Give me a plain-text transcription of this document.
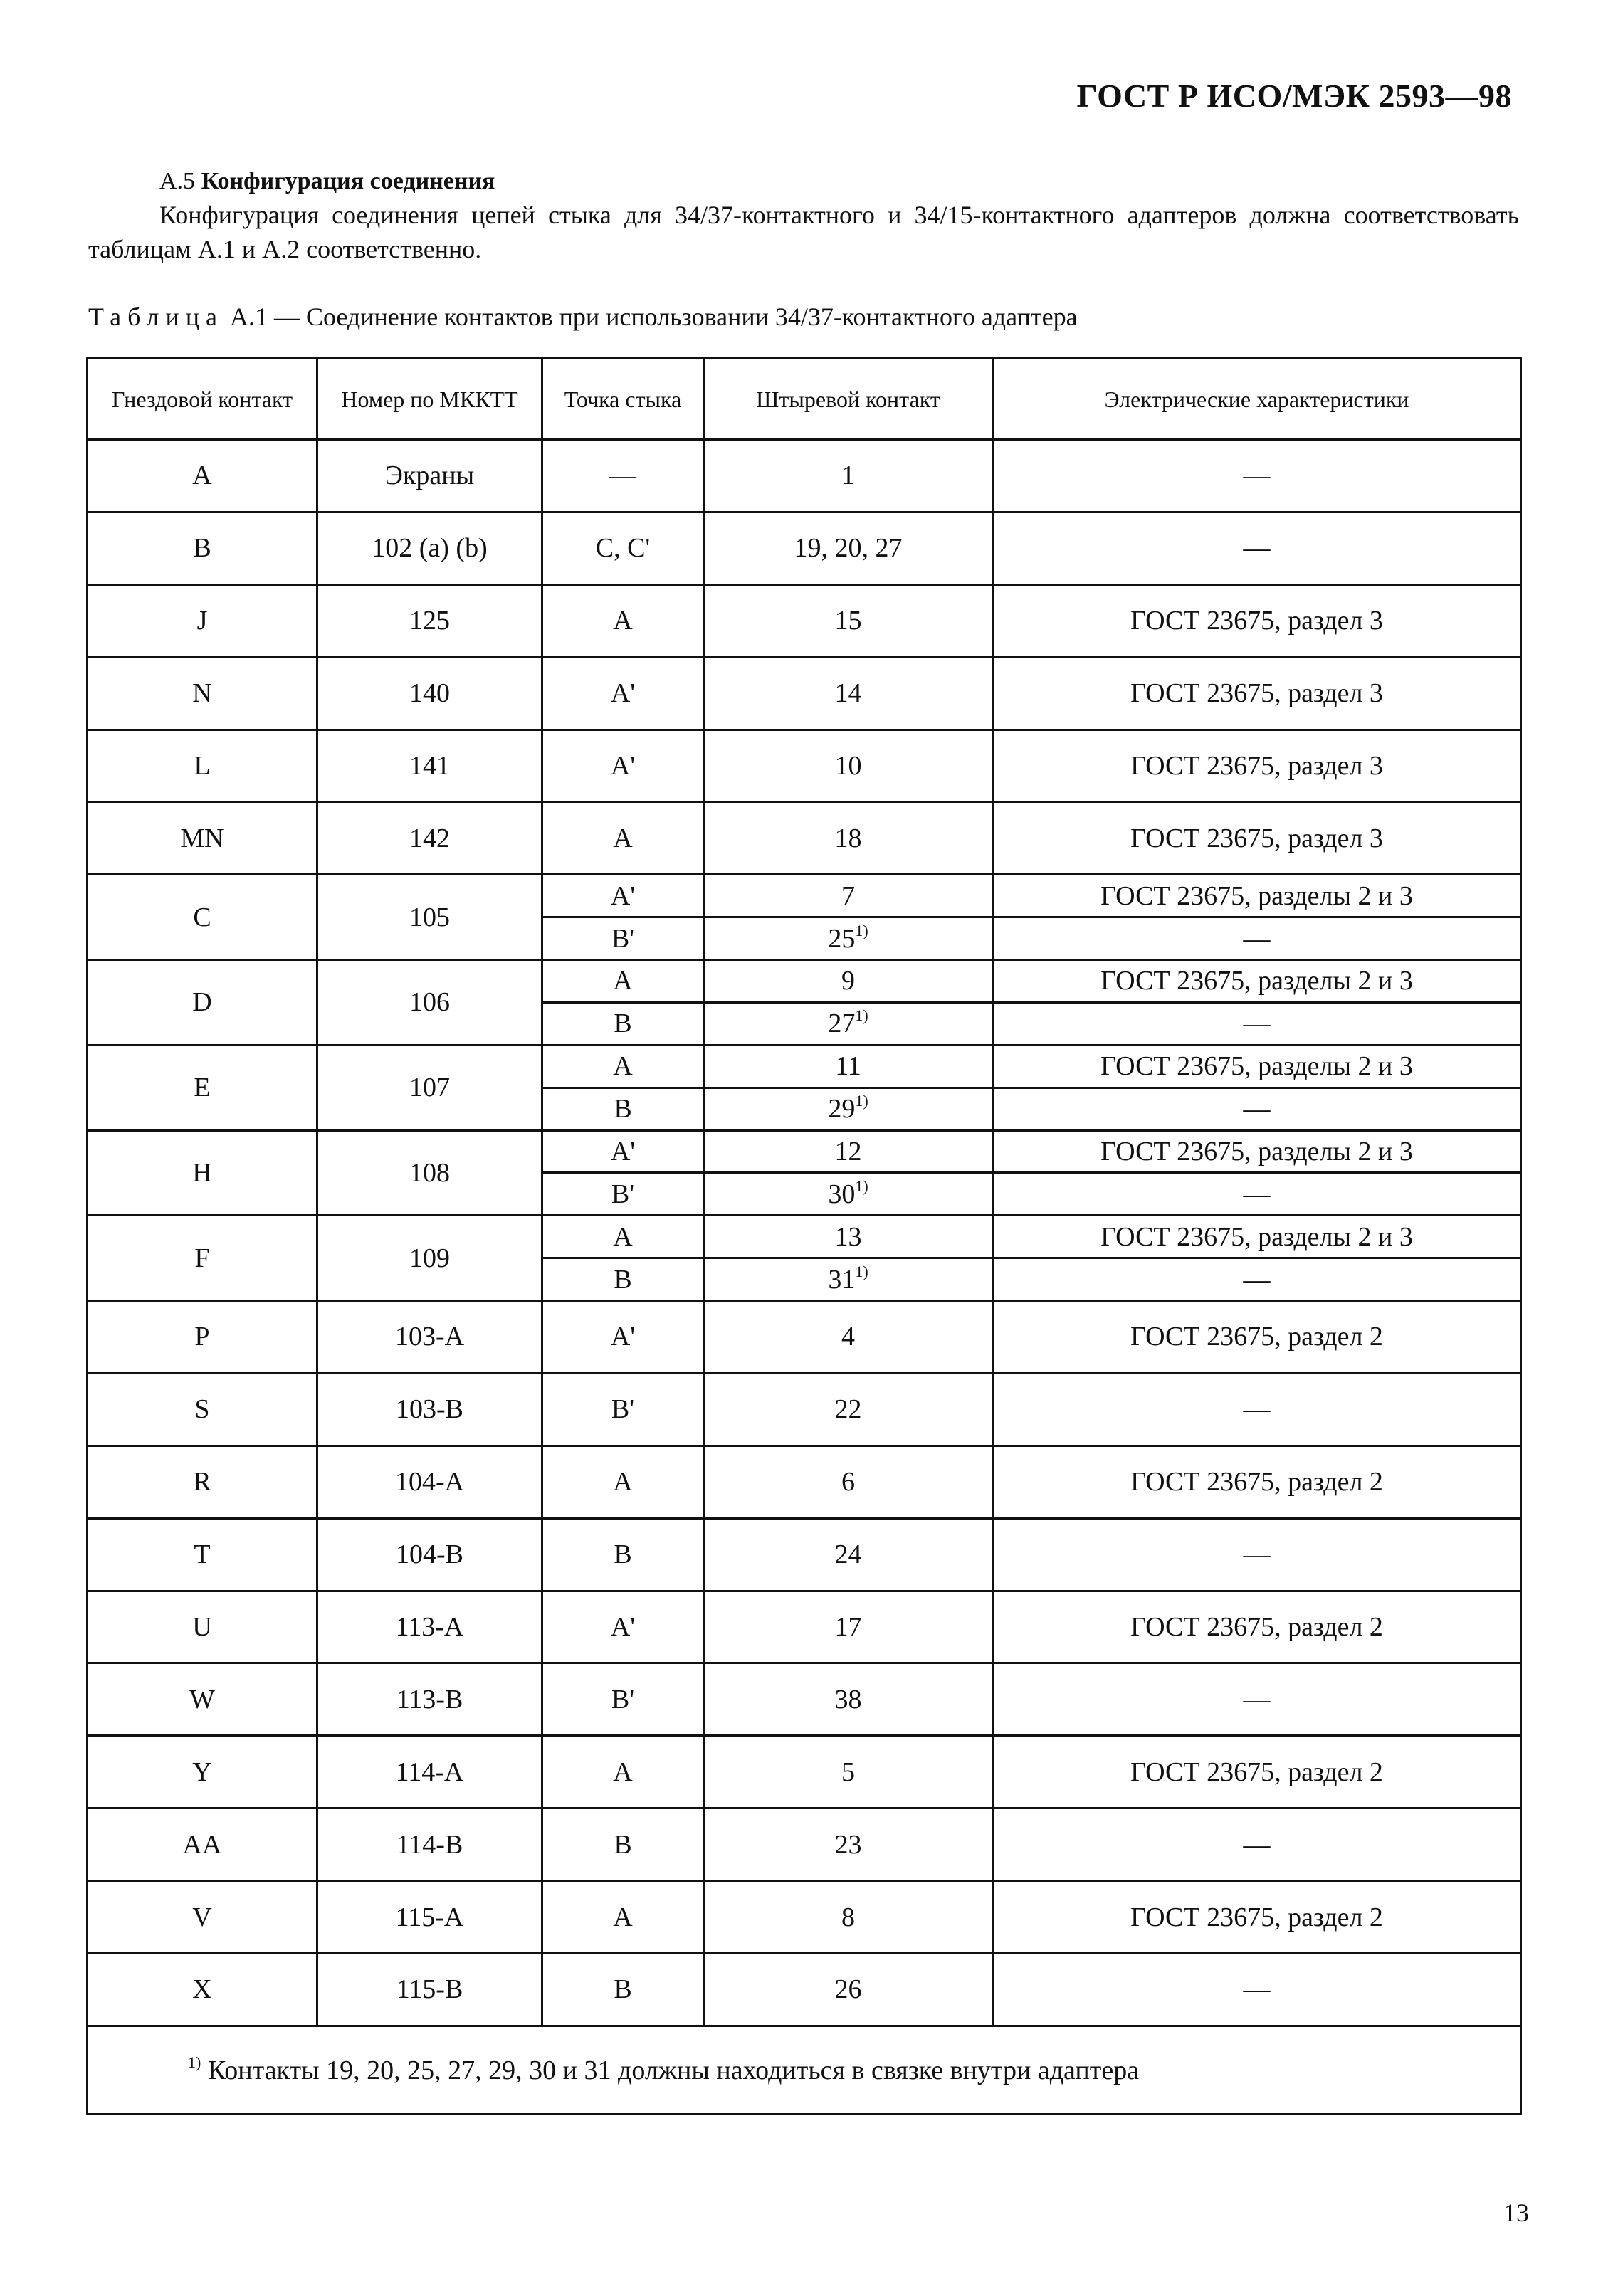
ГОСТ Р ИСО/МЭК 2593—98
А.5 Конфигурация соединения
Конфигурация соединения цепей стыка для 34/37-контактного и 34/15-контактного адаптеров должна соответствовать таблицам А.1 и А.2 соответственно.
Таблица А.1 — Соединение контактов при использовании 34/37-контактного адаптера
Гнездовой контакт	Номер по МККТТ	Точка стыка	Штыревой контакт	Электрические характеристики
А	Экраны	—	1	—
В	102 (а) (b)	С, С'	19, 20, 27	—
J	125	А	15	ГОСТ 23675, раздел 3
N	140	А'	14	ГОСТ 23675, раздел 3
L	141	А'	10	ГОСТ 23675, раздел 3
MN	142	А	18	ГОСТ 23675, раздел 3
С	105	А'	7	ГОСТ 23675, разделы 2 и 3
		В'	25$^{1)}$	—
D	106	А	9	ГОСТ 23675, разделы 2 и 3
		В	27$^{1)}$	—
Е	107	А	11	ГОСТ 23675, разделы 2 и 3
		В	29$^{1)}$	—
Н	108	А'	12	ГОСТ 23675, разделы 2 и 3
		В'	30$^{1)}$	—
F	109	А	13	ГОСТ 23675, разделы 2 и 3
		В	31$^{1)}$	—
Р	103-А	А'	4	ГОСТ 23675, раздел 2
S	103-В	В'	22	—
R	104-А	А	6	ГОСТ 23675, раздел 2
Т	104-В	В	24	—
U	113-А	А'	17	ГОСТ 23675, раздел 2
W	113-В	В'	38	—
Y	114-А	А	5	ГОСТ 23675, раздел 2
АА	114-В	В	23	—
V	115-А	А	8	ГОСТ 23675, раздел 2
X	115-В	В	26	—
$^{1)}$ Контакты 19, 20, 25, 27, 29, 30 и 31 должны находиться в связке внутри адаптера				
13
